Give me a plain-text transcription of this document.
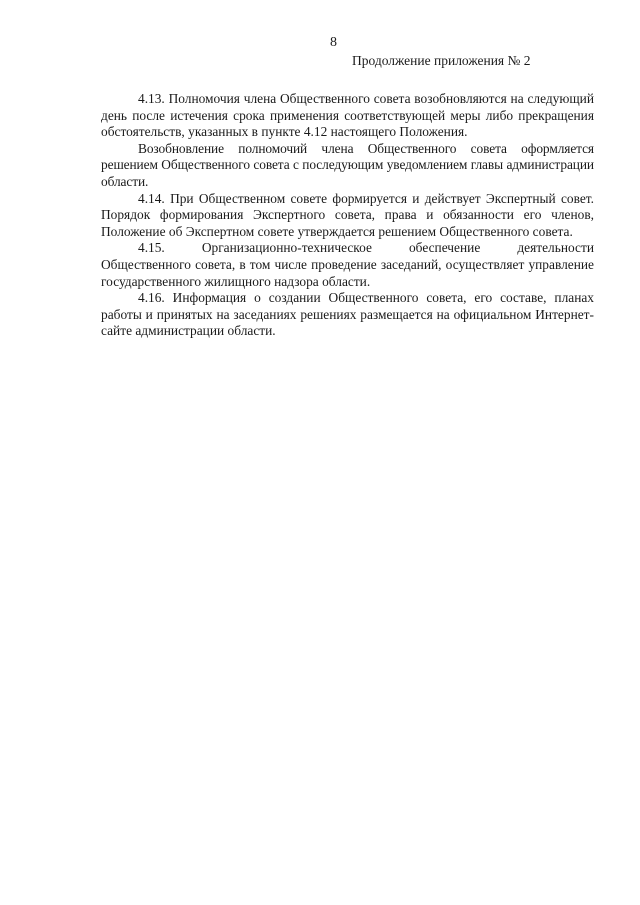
8
Продолжение приложения № 2

4.13. Полномочия члена Общественного совета возобновляются на следующий день после истечения срока применения соответствующей меры либо прекращения обстоятельств, указанных в пункте 4.12 настоящего Положения.

Возобновление полномочий члена Общественного совета оформляется решением Общественного совета с последующим уведомлением главы администрации области.

4.14. При Общественном совете формируется и действует Экспертный совет. Порядок формирования Экспертного совета, права и обязанности его членов, Положение об Экспертном совете утверждается решением Общественного совета.

4.15.	Организационно-техническое	обеспечение	деятельности

Общественного совета, в том числе проведение заседаний, осуществляет управление государственного жилищного надзора области.

4.16. Информация о создании Общественного совета, его составе, планах работы и принятых на заседаниях решениях размещается на официальном Интернет-сайте администрации области.
